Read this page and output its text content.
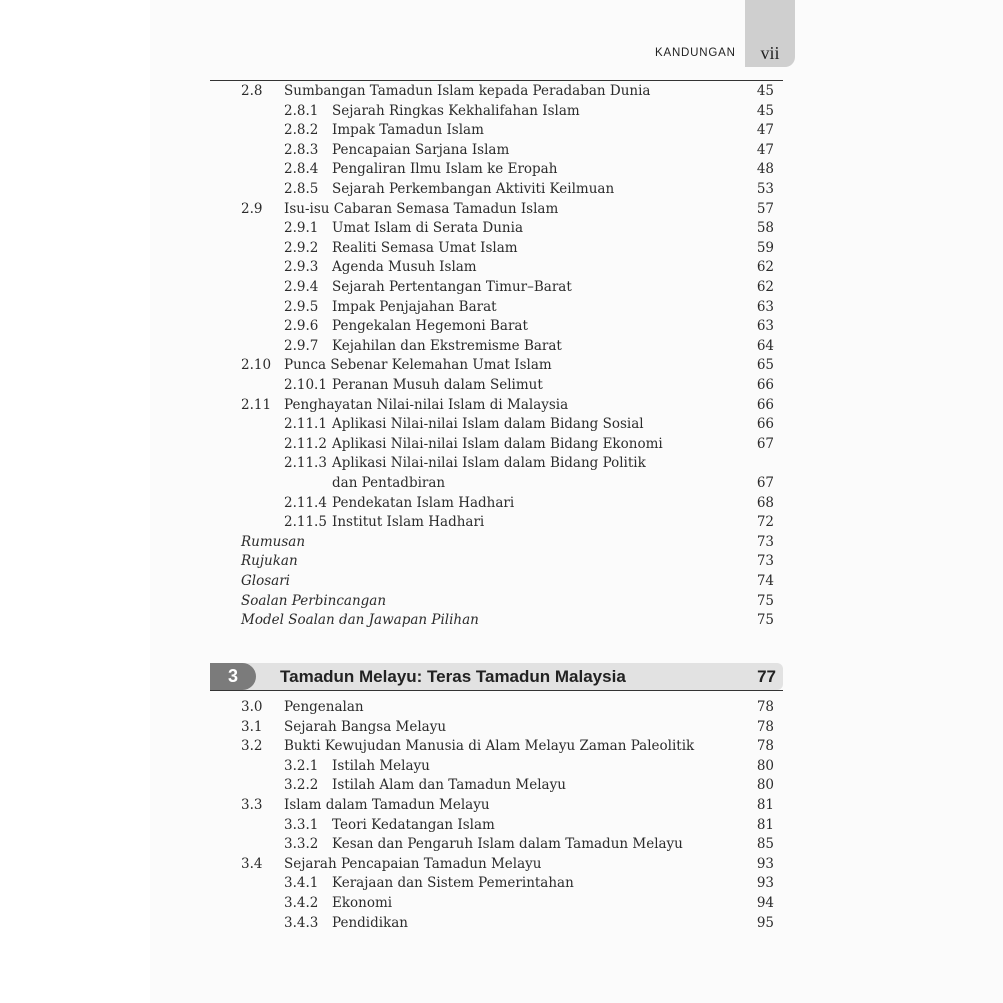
KANDUNGAN vii
2.8 Sumbangan Tamadun Islam kepada Peradaban Dunia	45
2.8.1 Sejarah Ringkas Kekhalifahan Islam	45
2.8.2 Impak Tamadun Islam	47
2.8.3 Pencapaian Sarjana Islam	47
2.8.4 Pengaliran Ilmu Islam ke Eropah	48
2.8.5 Sejarah Perkembangan Aktiviti Keilmuan	53
2.9 Isu-isu Cabaran Semasa Tamadun Islam	57
2.9.1 Umat Islam di Serata Dunia	58
2.9.2 Realiti Semasa Umat Islam	59
2.9.3 Agenda Musuh Islam	62
2.9.4 Sejarah Pertentangan Timur–Barat	62
2.9.5 Impak Penjajahan Barat	63
2.9.6 Pengekalan Hegemoni Barat	63
2.9.7 Kejahilan dan Ekstremisme Barat	64
2.10 Punca Sebenar Kelemahan Umat Islam	65
2.10.1 Peranan Musuh dalam Selimut	66
2.11 Penghayatan Nilai-nilai Islam di Malaysia	66
2.11.1 Aplikasi Nilai-nilai Islam dalam Bidang Sosial	66
2.11.2 Aplikasi Nilai-nilai Islam dalam Bidang Ekonomi	67
2.11.3 Aplikasi Nilai-nilai Islam dalam Bidang Politik
dan Pentadbiran	67
2.11.4 Pendekatan Islam Hadhari	68
2.11.5 Institut Islam Hadhari	72
Rumusan	73
Rujukan	73
Glosari	74
Soalan Perbincangan	75
Model Soalan dan Jawapan Pilihan	75
3	Tamadun Melayu: Teras Tamadun Malaysia	77
3.0 Pengenalan	78
3.1 Sejarah Bangsa Melayu	78
3.2 Bukti Kewujudan Manusia di Alam Melayu Zaman Paleolitik	78
3.2.1 Istilah Melayu	80
3.2.2 Istilah Alam dan Tamadun Melayu	80
3.3 Islam dalam Tamadun Melayu	81
3.3.1 Teori Kedatangan Islam	81
3.3.2 Kesan dan Pengaruh Islam dalam Tamadun Melayu	85
3.4 Sejarah Pencapaian Tamadun Melayu	93
3.4.1 Kerajaan dan Sistem Pemerintahan	93
3.4.2 Ekonomi	94
3.4.3 Pendidikan	95
